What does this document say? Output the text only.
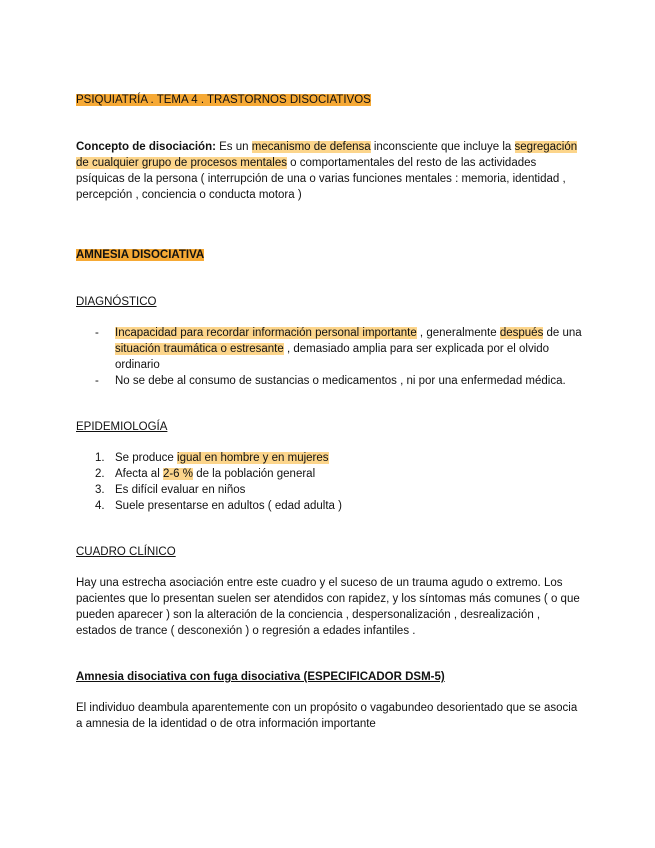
PSIQUIATRÍA . TEMA 4 . TRASTORNOS DISOCIATIVOS

Concepto de disociación: Es un mecanismo de defensa inconsciente que incluye la segregación de cualquier grupo de procesos mentales o comportamentales del resto de las actividades psíquicas de la persona ( interrupción de una o varias funciones mentales : memoria, identidad , percepción , conciencia o conducta motora )

AMNESIA DISOCIATIVA
DIAGNÓSTICO
- Incapacidad para recordar información personal importante , generalmente después de una situación traumática o estresante , demasiado amplia para ser explicada por el olvido ordinario
- No se debe al consumo de sustancias o medicamentos , ni por una enfermedad médica.
EPIDEMIOLOGÍA
1. Se produce igual en hombre y en mujeres
2. Afecta al 2-6 % de la población general
3. Es difícil evaluar en niños
4. Suele presentarse en adultos ( edad adulta )
CUADRO CLÍNICO

Hay una estrecha asociación entre este cuadro y el suceso de un trauma agudo o extremo. Los pacientes que lo presentan suelen ser atendidos con rapidez, y los síntomas más comunes ( o que pueden aparecer ) son la alteración de la conciencia , despersonalización , desrealización , estados de trance ( desconexión ) o regresión a edades infantiles .

Amnesia disociativa con fuga disociativa (ESPECIFICADOR DSM-5)

El individuo deambula aparentemente con un propósito o vagabundeo desorientado que se asocia a amnesia de la identidad o de otra información importante
